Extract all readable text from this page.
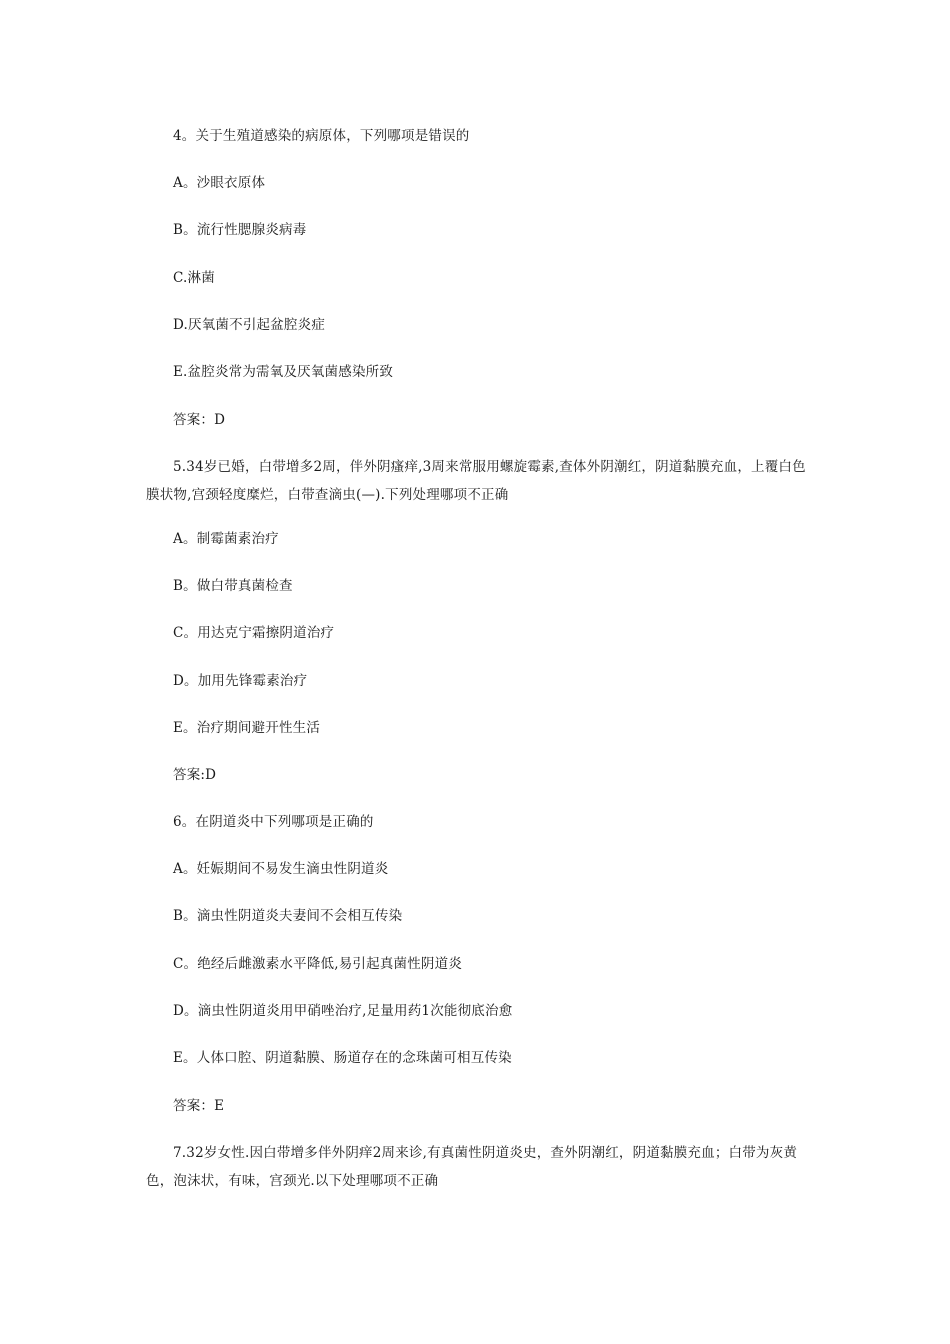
4。关于生殖道感染的病原体，下列哪项是错误的
A。沙眼衣原体
B。流行性腮腺炎病毒
C.淋菌
D.厌氧菌不引起盆腔炎症
E.盆腔炎常为需氧及厌氧菌感染所致
答案：D
5.34岁已婚，白带增多2周，伴外阴瘙痒,3周来常服用螺旋霉素,查体外阴潮红，阴道黏膜充血，上覆白色膜状物,宫颈轻度糜烂，白带查滴虫(—).下列处理哪项不正确
A。制霉菌素治疗
B。做白带真菌检查
C。用达克宁霜擦阴道治疗
D。加用先锋霉素治疗
E。治疗期间避开性生活
答案:D
6。在阴道炎中下列哪项是正确的
A。妊娠期间不易发生滴虫性阴道炎
B。滴虫性阴道炎夫妻间不会相互传染
C。绝经后雌激素水平降低,易引起真菌性阴道炎
D。滴虫性阴道炎用甲硝唑治疗,足量用药1次能彻底治愈
E。人体口腔、阴道黏膜、肠道存在的念珠菌可相互传染
答案：E
7.32岁女性.因白带增多伴外阴痒2周来诊,有真菌性阴道炎史，查外阴潮红，阴道黏膜充血；白带为灰黄色，泡沫状，有味，宫颈光.以下处理哪项不正确
